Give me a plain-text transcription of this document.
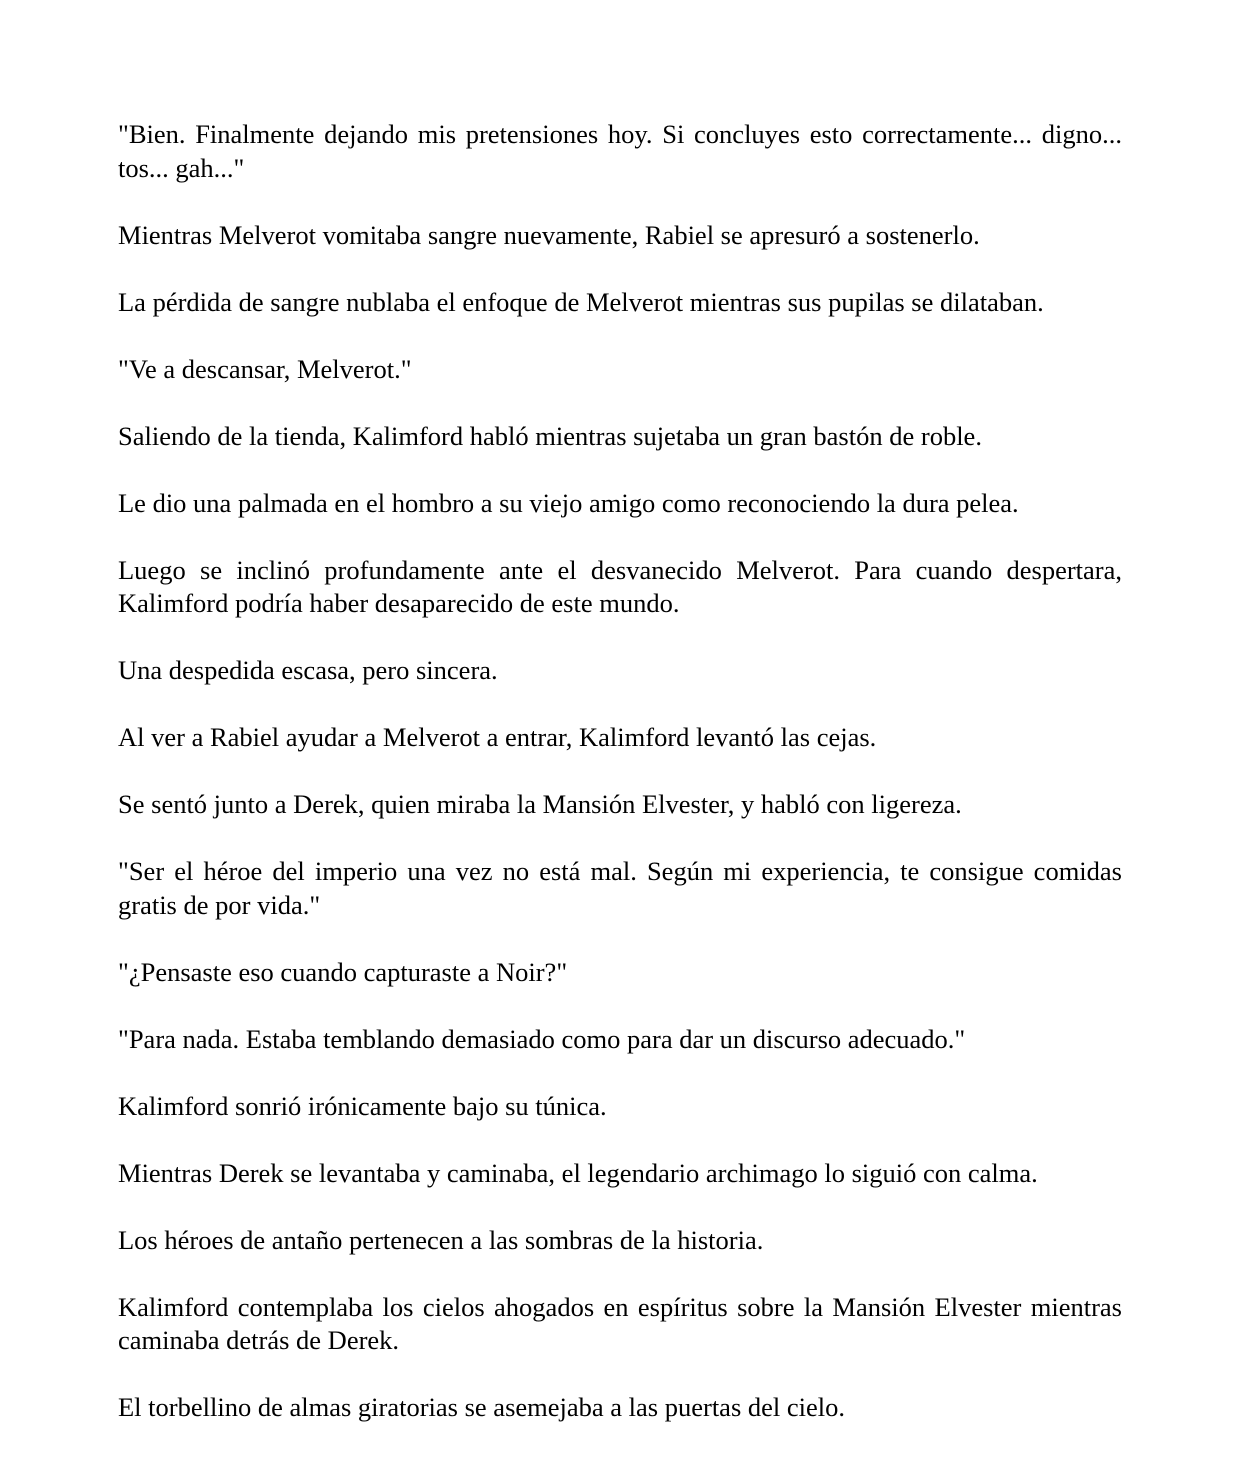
"Bien. Finalmente dejando mis pretensiones hoy. Si concluyes esto correctamente... digno... tos... gah..."

Mientras Melverot vomitaba sangre nuevamente, Rabiel se apresuró a sostenerlo.

La pérdida de sangre nublaba el enfoque de Melverot mientras sus pupilas se dilataban.

"Ve a descansar, Melverot."

Saliendo de la tienda, Kalimford habló mientras sujetaba un gran bastón de roble.

Le dio una palmada en el hombro a su viejo amigo como reconociendo la dura pelea.

Luego se inclinó profundamente ante el desvanecido Melverot. Para cuando despertara, Kalimford podría haber desaparecido de este mundo.

Una despedida escasa, pero sincera.

Al ver a Rabiel ayudar a Melverot a entrar, Kalimford levantó las cejas.

Se sentó junto a Derek, quien miraba la Mansión Elvester, y habló con ligereza.

"Ser el héroe del imperio una vez no está mal. Según mi experiencia, te consigue comidas gratis de por vida."

"¿Pensaste eso cuando capturaste a Noir?"

"Para nada. Estaba temblando demasiado como para dar un discurso adecuado."

Kalimford sonrió irónicamente bajo su túnica.

Mientras Derek se levantaba y caminaba, el legendario archimago lo siguió con calma.

Los héroes de antaño pertenecen a las sombras de la historia.

Kalimford contemplaba los cielos ahogados en espíritus sobre la Mansión Elvester mientras caminaba detrás de Derek.

El torbellino de almas giratorias se asemejaba a las puertas del cielo.
